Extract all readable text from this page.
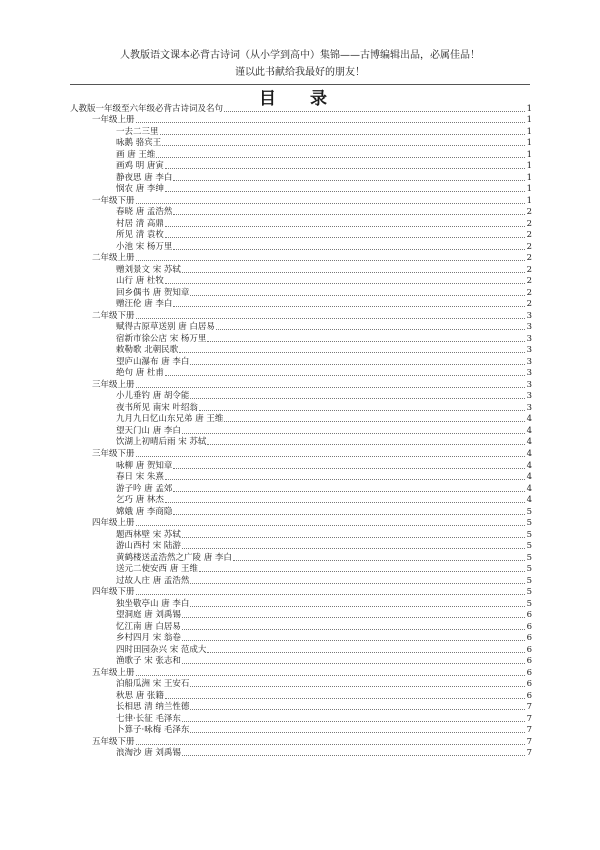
人教版语文课本必背古诗词（从小学到高中）集锦——古博编辑出品，必属佳品！
谨以此书献给我最好的朋友！
目 录
人教版一年级至六年级必背古诗词及名句	1
一年级上册	1
一去二三里	1
咏鹅 骆宾王	1
画 唐 王维	1
画鸡 明 唐寅	1
静夜思 唐 李白	1
悯农 唐 李绅	1
一年级下册	1
春晓 唐 孟浩然	2
村居 清 高鼎	2
所见 清 袁枚	2
小池 宋 杨万里	2
二年级上册	2
赠刘景文 宋 苏轼	2
山行 唐 杜牧	2
回乡偶书 唐 贺知章	2
赠汪伦 唐 李白	2
二年级下册	3
赋得古原草送别 唐 白居易	3
宿新市徐公店 宋 杨万里	3
敕勒歌 北朝民歌	3
望庐山瀑布 唐 李白	3
绝句 唐 杜甫	3
三年级上册	3
小儿垂钓 唐 胡令能	3
夜书所见 南宋 叶绍翁	3
九月九日忆山东兄弟 唐 王维	4
望天门山 唐 李白	4
饮湖上初晴后雨 宋 苏轼	4
三年级下册	4
咏柳 唐 贺知章	4
春日 宋 朱熹	4
游子吟 唐 孟郊	4
乞巧 唐 林杰	4
嫦娥 唐 李商隐	5
四年级上册	5
题西林壁 宋 苏轼	5
游山西村 宋 陆游	5
黄鹤楼送孟浩然之广陵 唐 李白	5
送元二使安西 唐 王维	5
过故人庄 唐 孟浩然	5
四年级下册	5
独坐敬亭山 唐 李白	5
望洞庭 唐 刘禹锡	6
忆江南 唐 白居易	6
乡村四月 宋 翁卷	6
四时田园杂兴 宋 范成大	6
渔歌子 宋 张志和	6
五年级上册	6
泊船瓜洲 宋 王安石	6
秋思 唐 张籍	6
长相思 清 纳兰性德	7
七律·长征 毛泽东	7
卜算子·咏梅 毛泽东	7
五年级下册	7
浪淘沙 唐 刘禹锡	7
